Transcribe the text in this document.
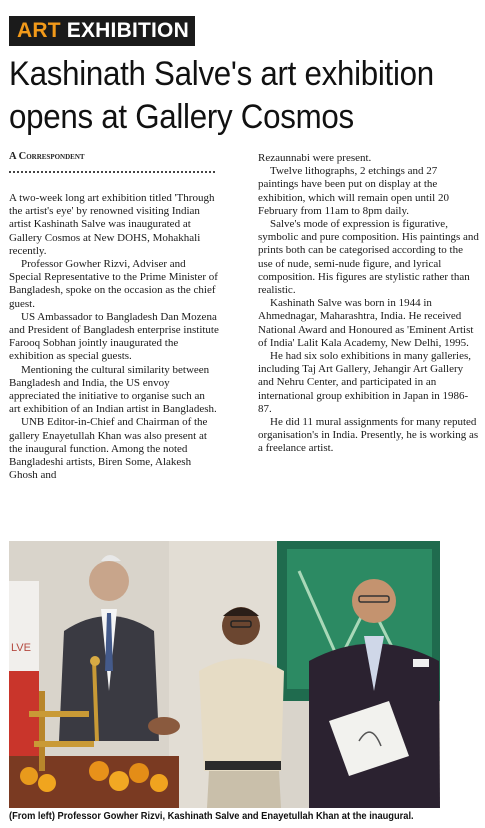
ART EXHIBITION
Kashinath Salve's art exhibition
opens at Gallery Cosmos
A Correspondent

A two-week long art exhibition titled 'Through the artist's eye' by renowned visiting Indian artist Kashinath Salve was inaugurated at Gallery Cosmos at New DOHS, Mohakhali recently.

Professor Gowher Rizvi, Adviser and Special Representative to the Prime Minister of Bangladesh, spoke on the occasion as the chief guest.

US Ambassador to Bangladesh Dan Mozena and President of Bangladesh enterprise institute Farooq Sobhan jointly inaugurated the exhibition as special guests.

Mentioning the cultural similarity between Bangladesh and India, the US envoy appreciated the initiative to organise such an art exhibition of an Indian artist in Bangladesh.

UNB Editor-in-Chief and Chairman of the gallery Enayetullah Khan was also present at the inaugural function. Among the noted Bangladeshi artists, Biren Some, Alakesh Ghosh and

Rezaunnabi were present.

Twelve lithographs, 2 etchings and 27 paintings have been put on display at the exhibition, which will remain open until 20 February from 11am to 8pm daily.

Salve's mode of expression is figurative, symbolic and pure composition. His paintings and prints both can be categorised according to the use of nude, semi-nude figure, and lyrical composition. His figures are stylistic rather than realistic.

Kashinath Salve was born in 1944 in Ahmednagar, Maharashtra, India. He received National Award and Honoured as 'Eminent Artist of India' Lalit Kala Academy, New Delhi, 1995.

He had six solo exhibitions in many galleries, including Taj Art Gallery, Jehangir Art Gallery and Nehru Center, and participated in an international group exhibition in Japan in 1986-87.

He did 11 mural assignments for many reputed organisation's in India. Presently, he is working as a freelance artist.

LVE
(From left) Professor Gowher Rizvi, Kashinath Salve and Enayetullah Khan at the inaugural.
